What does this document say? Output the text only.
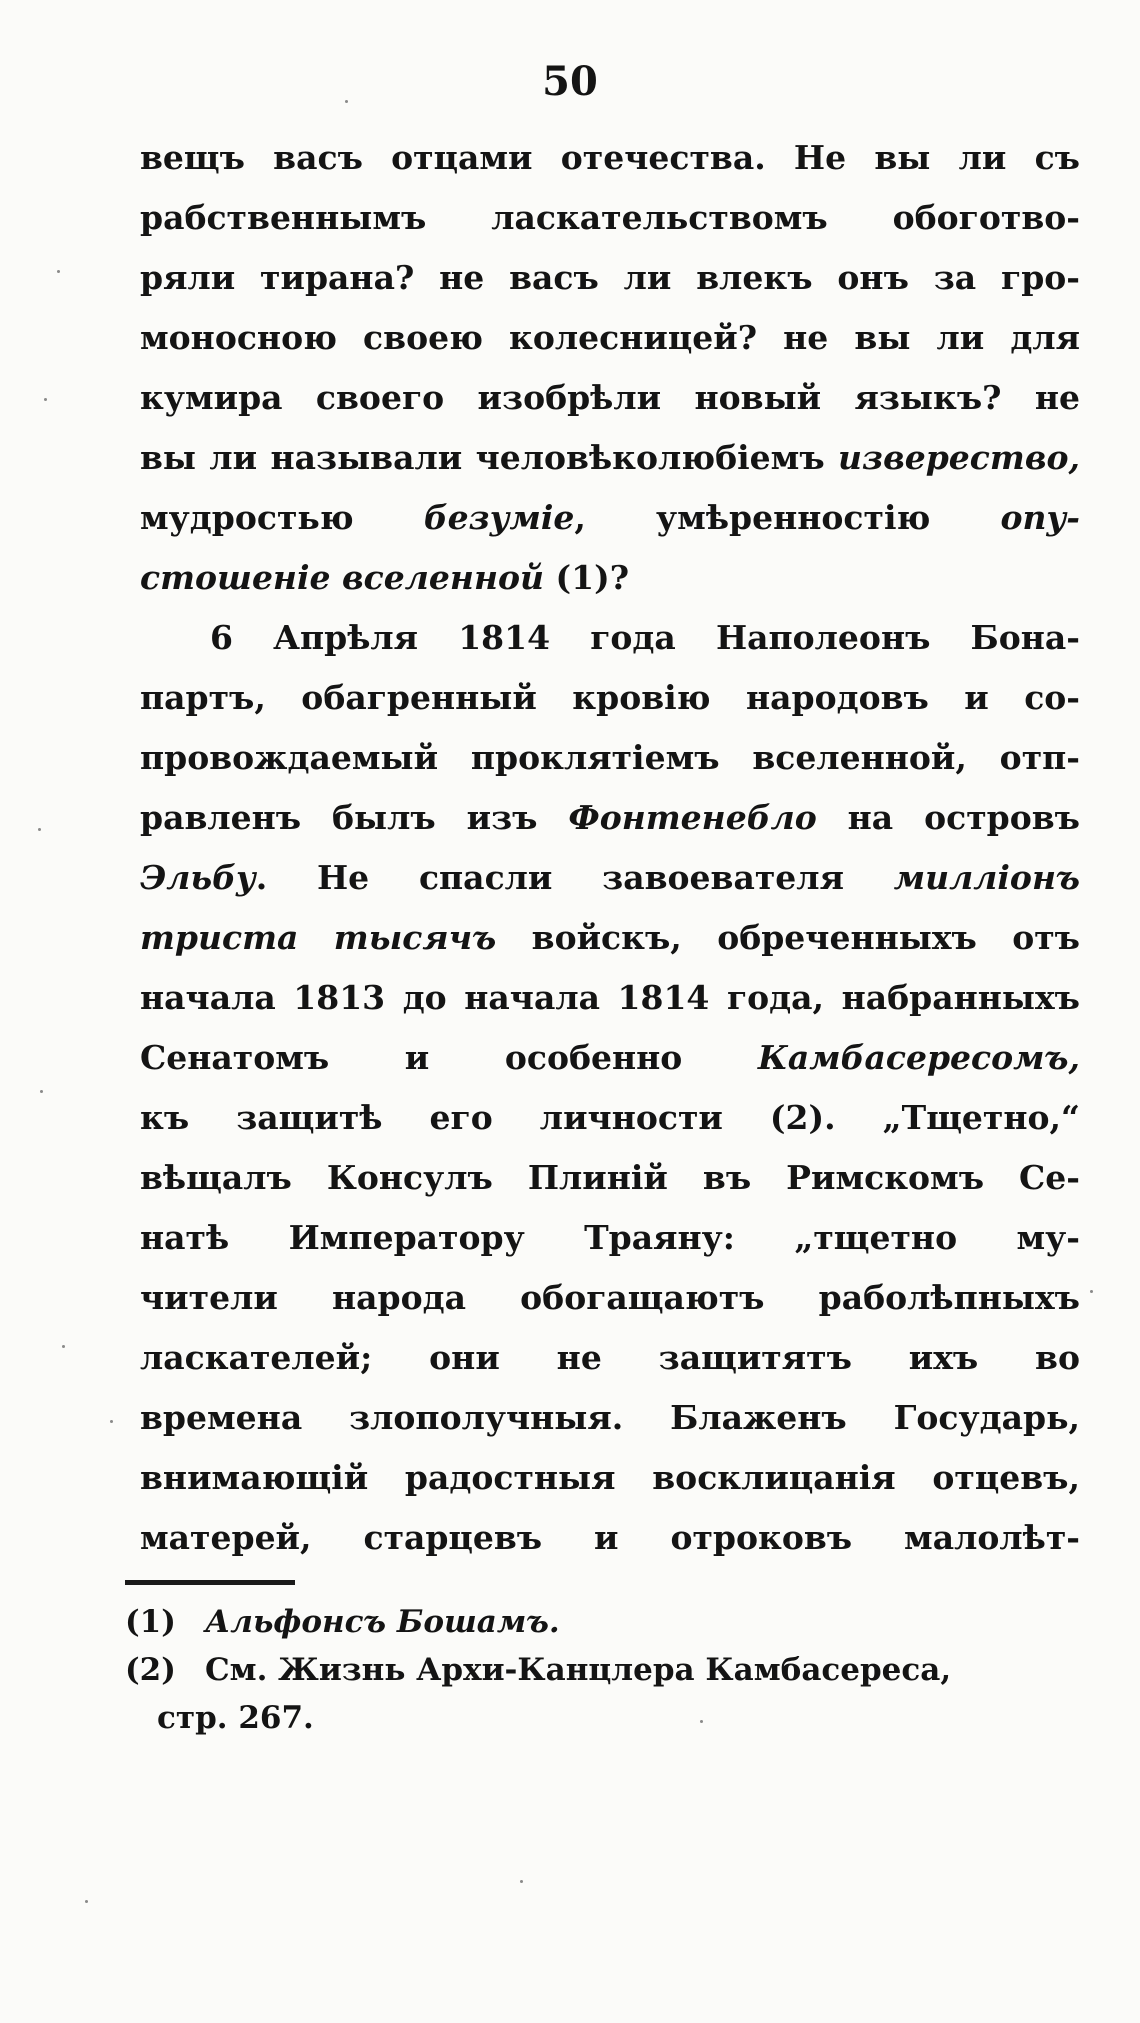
50
вещъ васъ отцами отечества. Не вы ли съ
рабственнымъ ласкательствомъ обоготво-
ряли тирана? не васъ ли влекъ онъ за гро-
моносною своею колесницей? не вы ли для
кумира своего изобрѣли новый языкъ? не
вы ли называли человѣколюбіемъ изверество,
мудростью безуміе, умѣренностію опу-
стошеніе вселенной (1)?
6 Апрѣля 1814 года Наполеонъ Бона-
партъ, обагренный кровію народовъ и со-
провождаемый проклятіемъ вселенной, отп-
равленъ былъ изъ Фонтенебло на островъ
Эльбу. Не спасли завоевателя милліонъ
триста тысячъ войскъ, обреченныхъ отъ
начала 1813 до начала 1814 года, набранныхъ
Сенатомъ и особенно Камбасересомъ,
къ защитѣ его личности (2). „Тщетно,“
вѣщалъ Консулъ Плиній въ Римскомъ Се-
натѣ Императору Траяну: „тщетно му-
чители народа обогащаютъ раболѣпныхъ
ласкателей; они не защитятъ ихъ во
времена злополучныя. Блаженъ Государь,
внимающій радостныя восклицанія отцевъ,
матерей, старцевъ и отроковъ малолѣт-
(1) Альфонсъ Бошамъ.
(2) См. Жизнь Архи-Канцлера Камбасереса,
стр. 267.
